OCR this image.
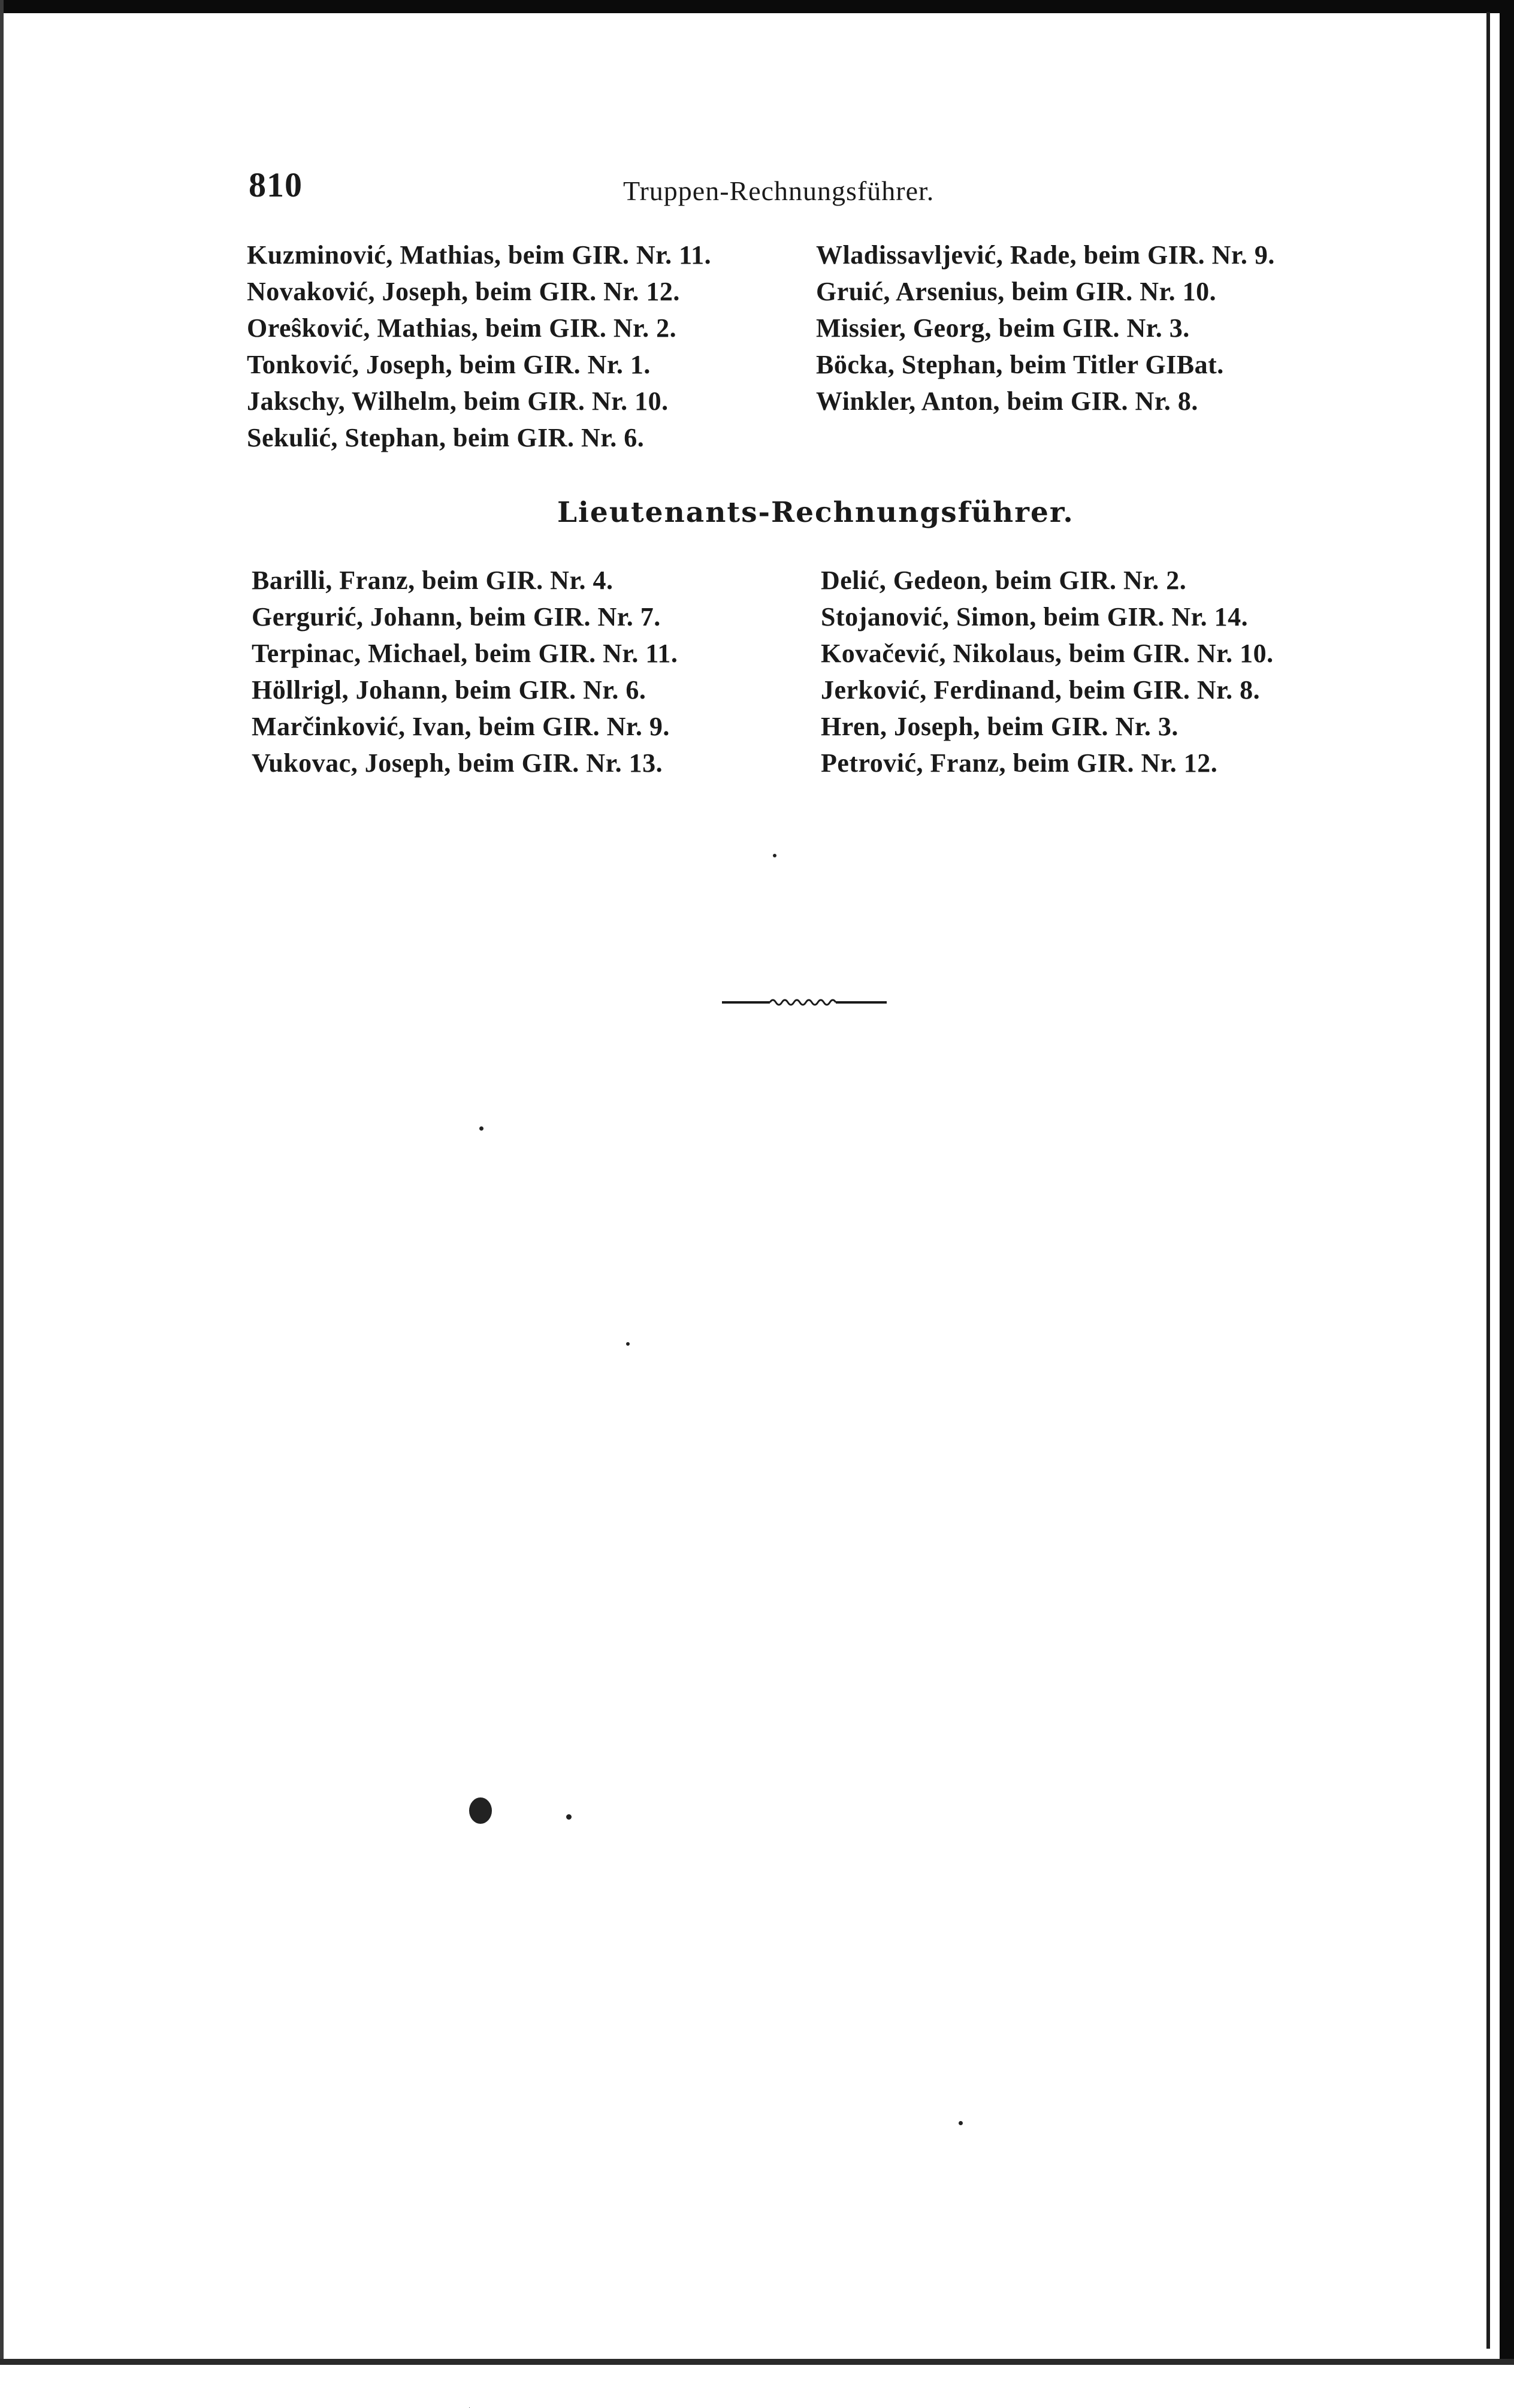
810	Truppen-Rechnungsführer.
Kuzminović, Mathias, beim GIR. Nr. 11.
Novaković, Joseph, beim GIR. Nr. 12.
Oreŝković, Mathias, beim GIR. Nr. 2.
Tonković, Joseph, beim GIR. Nr. 1.
Jakschy, Wilhelm, beim GIR. Nr. 10.
Sekulić, Stephan, beim GIR. Nr. 6.
Wladissavljević, Rade, beim GIR. Nr. 9.
Gruić, Arsenius, beim GIR. Nr. 10.
Missier, Georg, beim GIR. Nr. 3.
Böcka, Stephan, beim Titler GIBat.
Winkler, Anton, beim GIR. Nr. 8.
Lieutenants-Rechnungsführer.
Barilli, Franz, beim GIR. Nr. 4.
Gergurić, Johann, beim GIR. Nr. 7.
Terpinac, Michael, beim GIR. Nr. 11.
Höllrigl, Johann, beim GIR. Nr. 6.
Marčinković, Ivan, beim GIR. Nr. 9.
Vukovac, Joseph, beim GIR. Nr. 13.
Delić, Gedeon, beim GIR. Nr. 2.
Stojanović, Simon, beim GIR. Nr. 14.
Kovačević, Nikolaus, beim GIR. Nr. 10.
Jerković, Ferdinand, beim GIR. Nr. 8.
Hren, Joseph, beim GIR. Nr. 3.
Petrović, Franz, beim GIR. Nr. 12.
